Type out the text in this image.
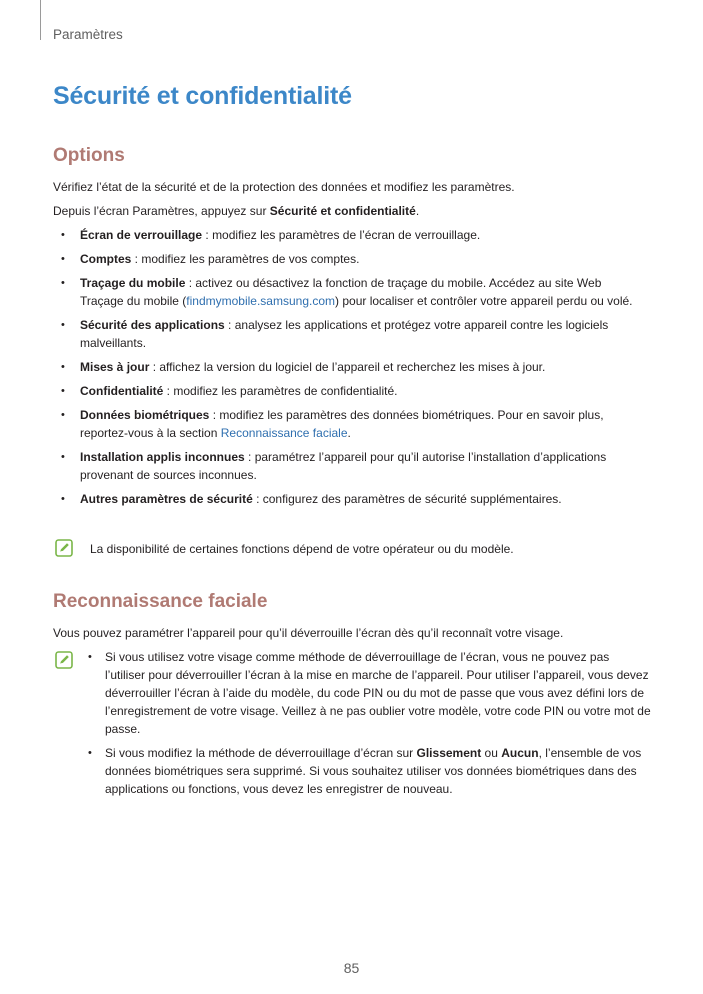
Paramètres
Sécurité et confidentialité
Options

Vérifiez l’état de la sécurité et de la protection des données et modifiez les paramètres.

Depuis l’écran Paramètres, appuyez sur Sécurité et confidentialité.

• Écran de verrouillage : modifiez les paramètres de l’écran de verrouillage.
• Comptes : modifiez les paramètres de vos comptes.
• Traçage du mobile : activez ou désactivez la fonction de traçage du mobile. Accédez au site Web Traçage du mobile (findmymobile.samsung.com) pour localiser et contrôler votre appareil perdu ou volé.
• Sécurité des applications : analysez les applications et protégez votre appareil contre les logiciels malveillants.
• Mises à jour : affichez la version du logiciel de l’appareil et recherchez les mises à jour.
• Confidentialité : modifiez les paramètres de confidentialité.
• Données biométriques : modifiez les paramètres des données biométriques. Pour en savoir plus, reportez-vous à la section Reconnaissance faciale.
• Installation applis inconnues : paramétrez l’appareil pour qu’il autorise l’installation d’applications provenant de sources inconnues.
• Autres paramètres de sécurité : configurez des paramètres de sécurité supplémentaires.

La disponibilité de certaines fonctions dépend de votre opérateur ou du modèle.

Reconnaissance faciale

Vous pouvez paramétrer l’appareil pour qu’il déverrouille l’écran dès qu’il reconnaît votre visage.

• Si vous utilisez votre visage comme méthode de déverrouillage de l’écran, vous ne pouvez pas l’utiliser pour déverrouiller l’écran à la mise en marche de l’appareil. Pour utiliser l’appareil, vous devez déverrouiller l’écran à l’aide du modèle, du code PIN ou du mot de passe que vous avez défini lors de l’enregistrement de votre visage. Veillez à ne pas oublier votre modèle, votre code PIN ou votre mot de passe.
• Si vous modifiez la méthode de déverrouillage d’écran sur Glissement ou Aucun, l’ensemble de vos données biométriques sera supprimé. Si vous souhaitez utiliser vos données biométriques dans des applications ou fonctions, vous devez les enregistrer de nouveau.
85
